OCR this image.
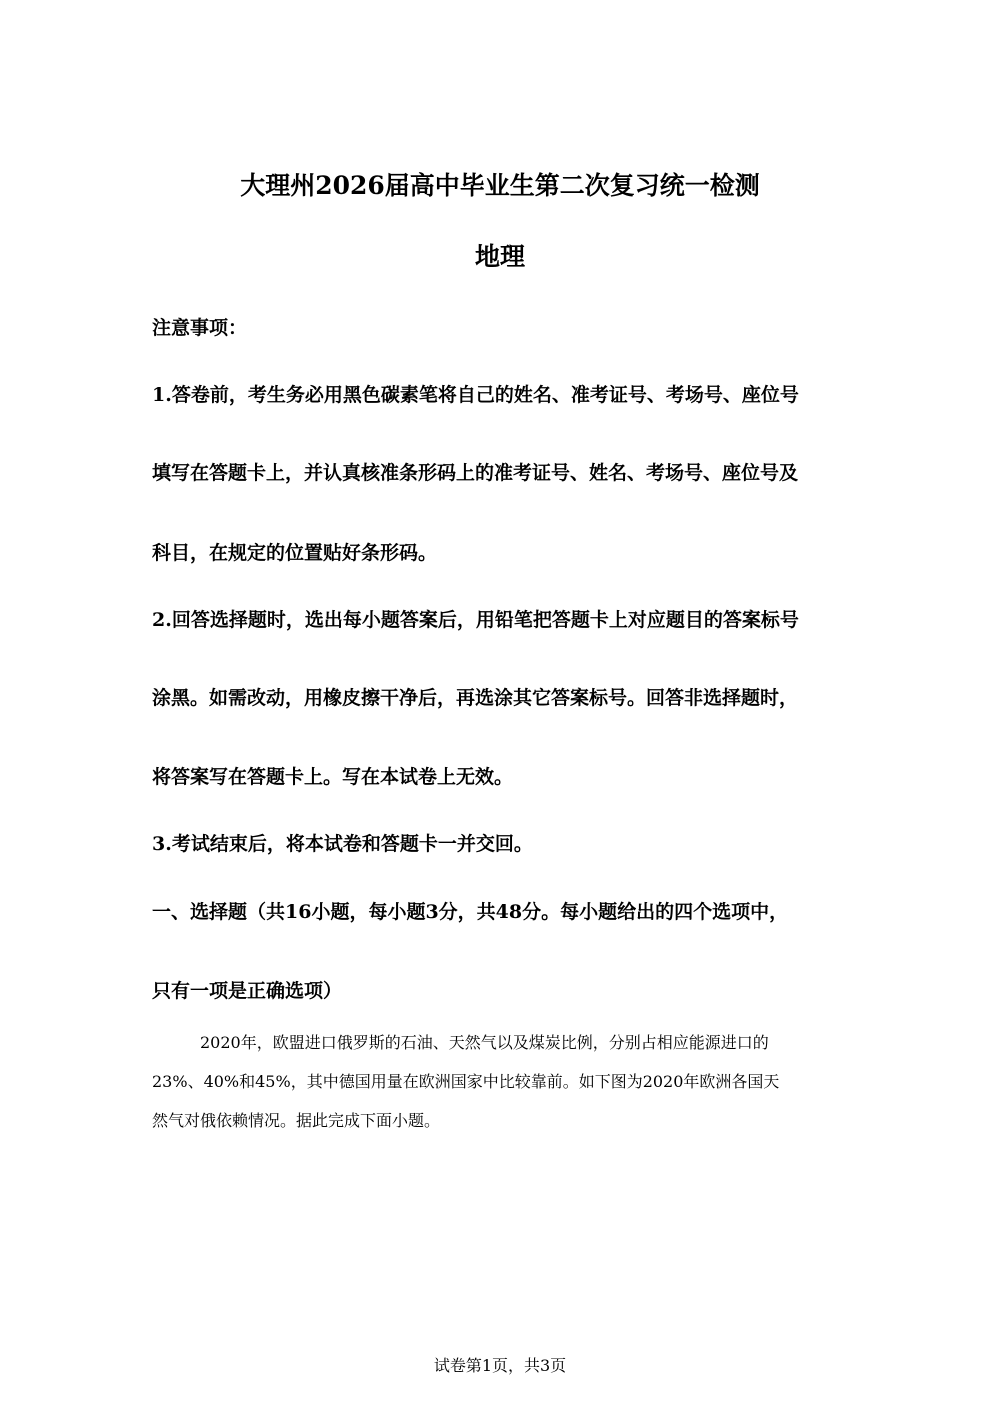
大理州2026届高中毕业生第二次复习统一检测
地理
注意事项：
1.答卷前，考生务必用黑色碳素笔将自己的姓名、准考证号、考场号、座位号
填写在答题卡上，并认真核准条形码上的准考证号、姓名、考场号、座位号及
科目，在规定的位置贴好条形码。
2.回答选择题时，选出每小题答案后，用铅笔把答题卡上对应题目的答案标号
涂黑。如需改动，用橡皮擦干净后，再选涂其它答案标号。回答非选择题时，
将答案写在答题卡上。写在本试卷上无效。
3.考试结束后，将本试卷和答题卡一并交回。
一、选择题（共16小题，每小题3分，共48分。每小题给出的四个选项中，
只有一项是正确选项）
2020年，欧盟进口俄罗斯的石油、天然气以及煤炭比例，分别占相应能源进口的
23%、40%和45%，其中德国用量在欧洲国家中比较靠前。如下图为2020年欧洲各国天
然气对俄依赖情况。据此完成下面小题。
试卷第1页，共3页
